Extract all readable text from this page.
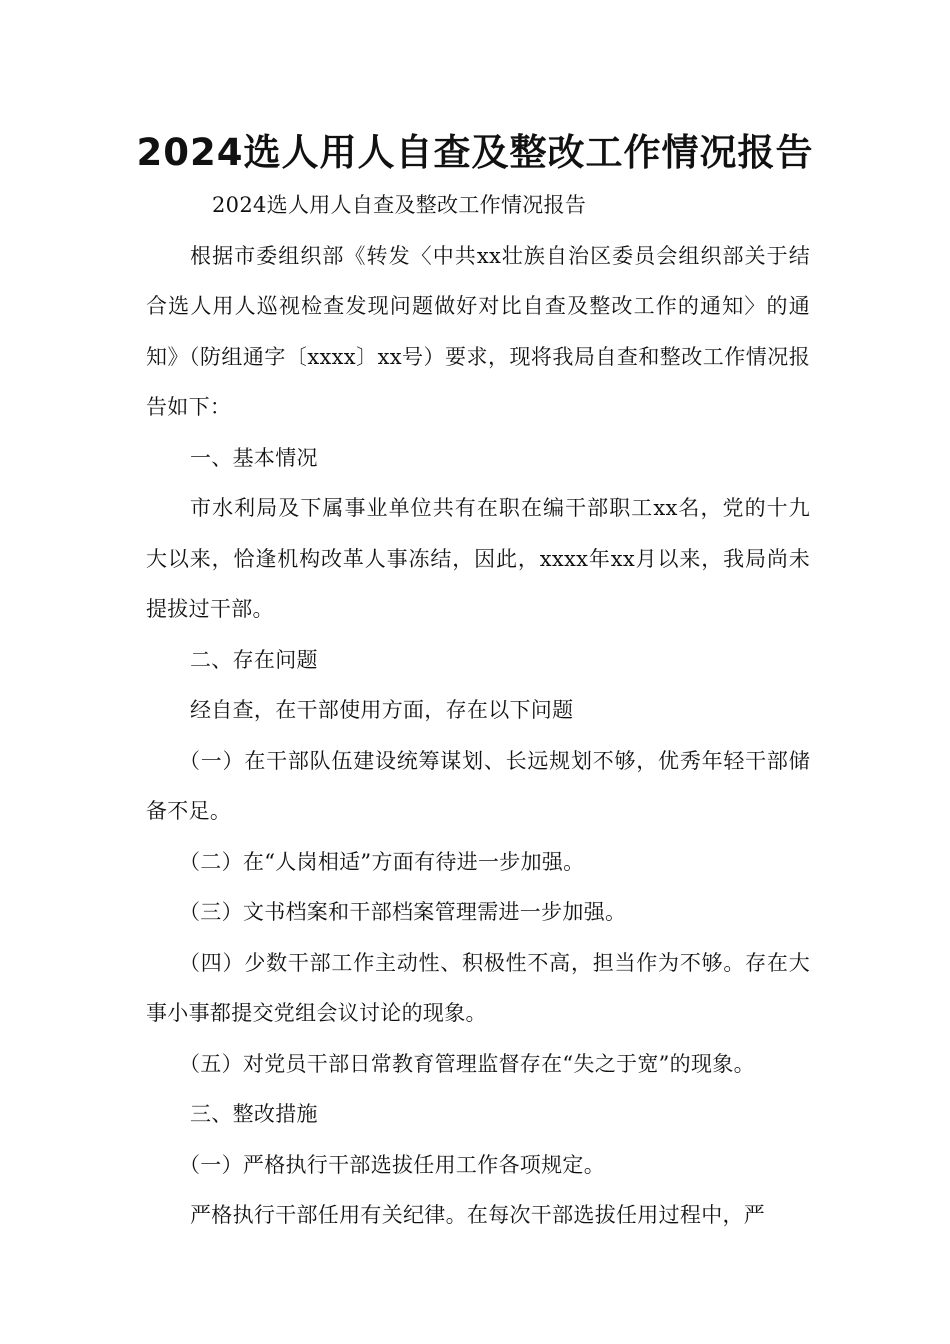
2024选人用人自查及整改工作情况报告

2024选人用人自查及整改工作情况报告

根据市委组织部《转发〈中共xx壮族自治区委员会组织部关于结合选人用人巡视检查发现问题做好对比自查及整改工作的通知〉的通知》（防组通字〔xxxx〕xx号）要求，现将我局自查和整改工作情况报告如下：

一、基本情况

市水利局及下属事业单位共有在职在编干部职工xx名，党的十九大以来，恰逢机构改革人事冻结，因此，xxxx年xx月以来，我局尚未提拔过干部。

二、存在问题

经自查，在干部使用方面，存在以下问题

（一）在干部队伍建设统筹谋划、长远规划不够，优秀年轻干部储备不足。

（二）在“人岗相适”方面有待进一步加强。

（三）文书档案和干部档案管理需进一步加强。

（四）少数干部工作主动性、积极性不高，担当作为不够。存在大事小事都提交党组会议讨论的现象。

（五）对党员干部日常教育管理监督存在“失之于宽”的现象。

三、整改措施

（一）严格执行干部选拔任用工作各项规定。

严格执行干部任用有关纪律。在每次干部选拔任用过程中，严
